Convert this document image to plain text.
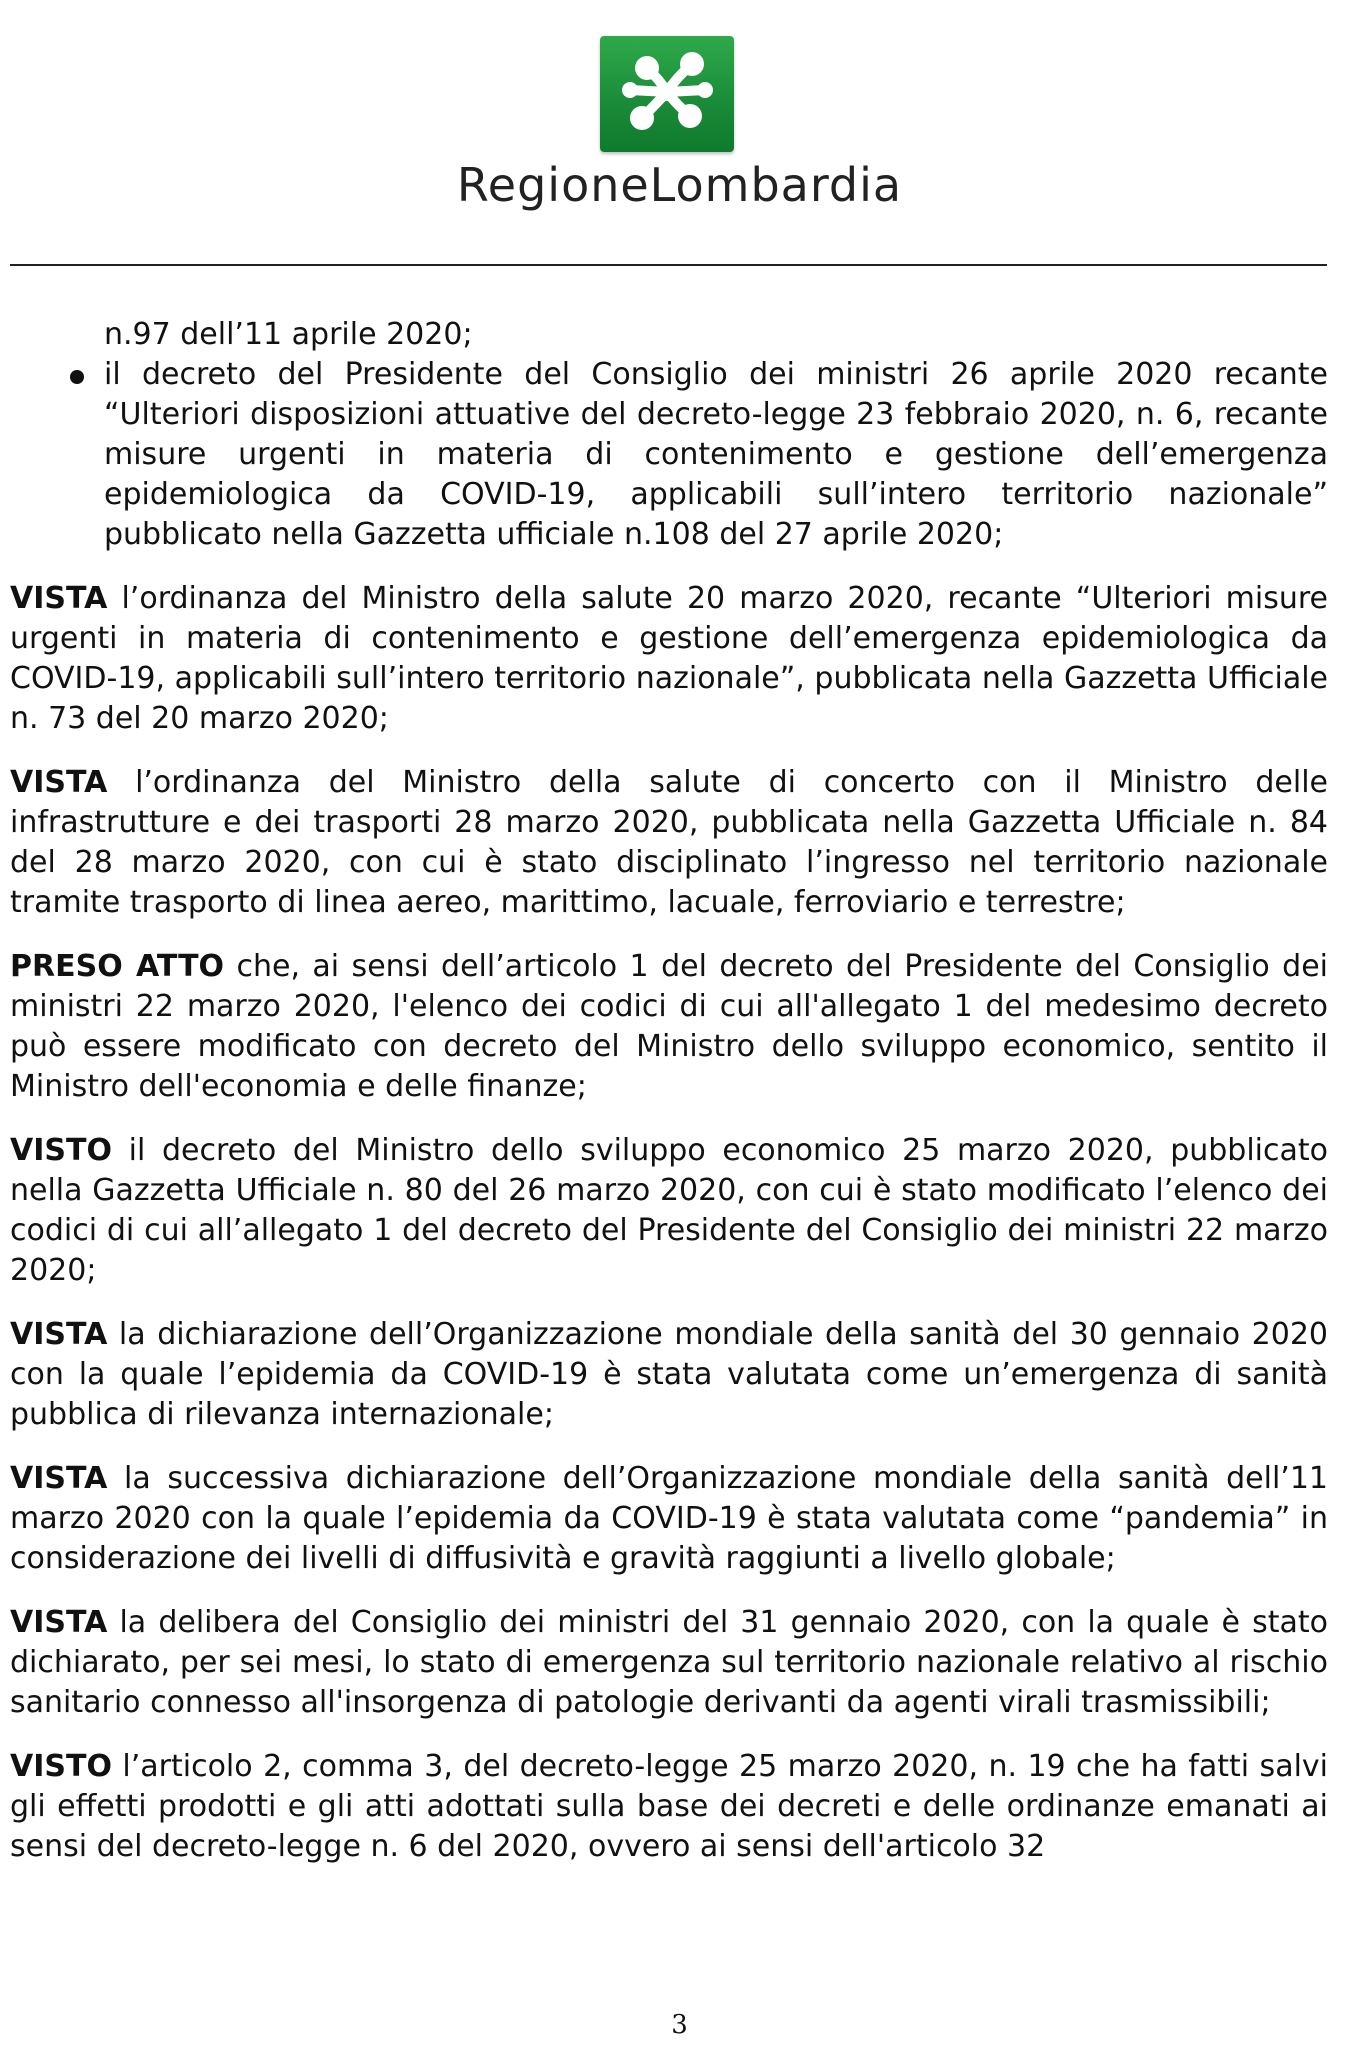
RegioneLombardia

n.97 dell’11 aprile 2020;

il decreto del Presidente del Consiglio dei ministri 26 aprile 2020 recante “Ulteriori disposizioni attuative del decreto-legge 23 febbraio 2020, n. 6, recante misure urgenti in materia di contenimento e gestione dell’emergenza epidemiologica da COVID-19, applicabili sull’intero territorio nazionale” pubblicato nella Gazzetta ufficiale n.108 del 27 aprile 2020;

VISTA l’ordinanza del Ministro della salute 20 marzo 2020, recante “Ulteriori misure urgenti in materia di contenimento e gestione dell’emergenza epidemiologica da COVID-19, applicabili sull’intero territorio nazionale”, pubblicata nella Gazzetta Ufficiale n. 73 del 20 marzo 2020;

VISTA l’ordinanza del Ministro della salute di concerto con il Ministro delle infrastrutture e dei trasporti 28 marzo 2020, pubblicata nella Gazzetta Ufficiale n. 84 del 28 marzo 2020, con cui è stato disciplinato l’ingresso nel territorio nazionale tramite trasporto di linea aereo, marittimo, lacuale, ferroviario e terrestre;

PRESO ATTO che, ai sensi dell’articolo 1 del decreto del Presidente del Consiglio dei ministri 22 marzo 2020, l'elenco dei codici di cui all'allegato 1 del medesimo decreto può essere modificato con decreto del Ministro dello sviluppo economico, sentito il Ministro dell'economia e delle finanze;

VISTO il decreto del Ministro dello sviluppo economico 25 marzo 2020, pubblicato nella Gazzetta Ufficiale n. 80 del 26 marzo 2020, con cui è stato modificato l’elenco dei codici di cui all’allegato 1 del decreto del Presidente del Consiglio dei ministri 22 marzo 2020;

VISTA la dichiarazione dell’Organizzazione mondiale della sanità del 30 gennaio 2020 con la quale l’epidemia da COVID-19 è stata valutata come un’emergenza di sanità pubblica di rilevanza internazionale;

VISTA la successiva dichiarazione dell’Organizzazione mondiale della sanità dell’11 marzo 2020 con la quale l’epidemia da COVID-19 è stata valutata come “pandemia” in considerazione dei livelli di diffusività e gravità raggiunti a livello globale;

VISTA la delibera del Consiglio dei ministri del 31 gennaio 2020, con la quale è stato dichiarato, per sei mesi, lo stato di emergenza sul territorio nazionale relativo al rischio sanitario connesso all'insorgenza di patologie derivanti da agenti virali trasmissibili;

VISTO l’articolo 2, comma 3, del decreto-legge 25 marzo 2020, n. 19 che ha fatti salvi gli effetti prodotti e gli atti adottati sulla base dei decreti e delle ordinanze emanati ai sensi del decreto-legge n. 6 del 2020, ovvero ai sensi dell'articolo 32

3
